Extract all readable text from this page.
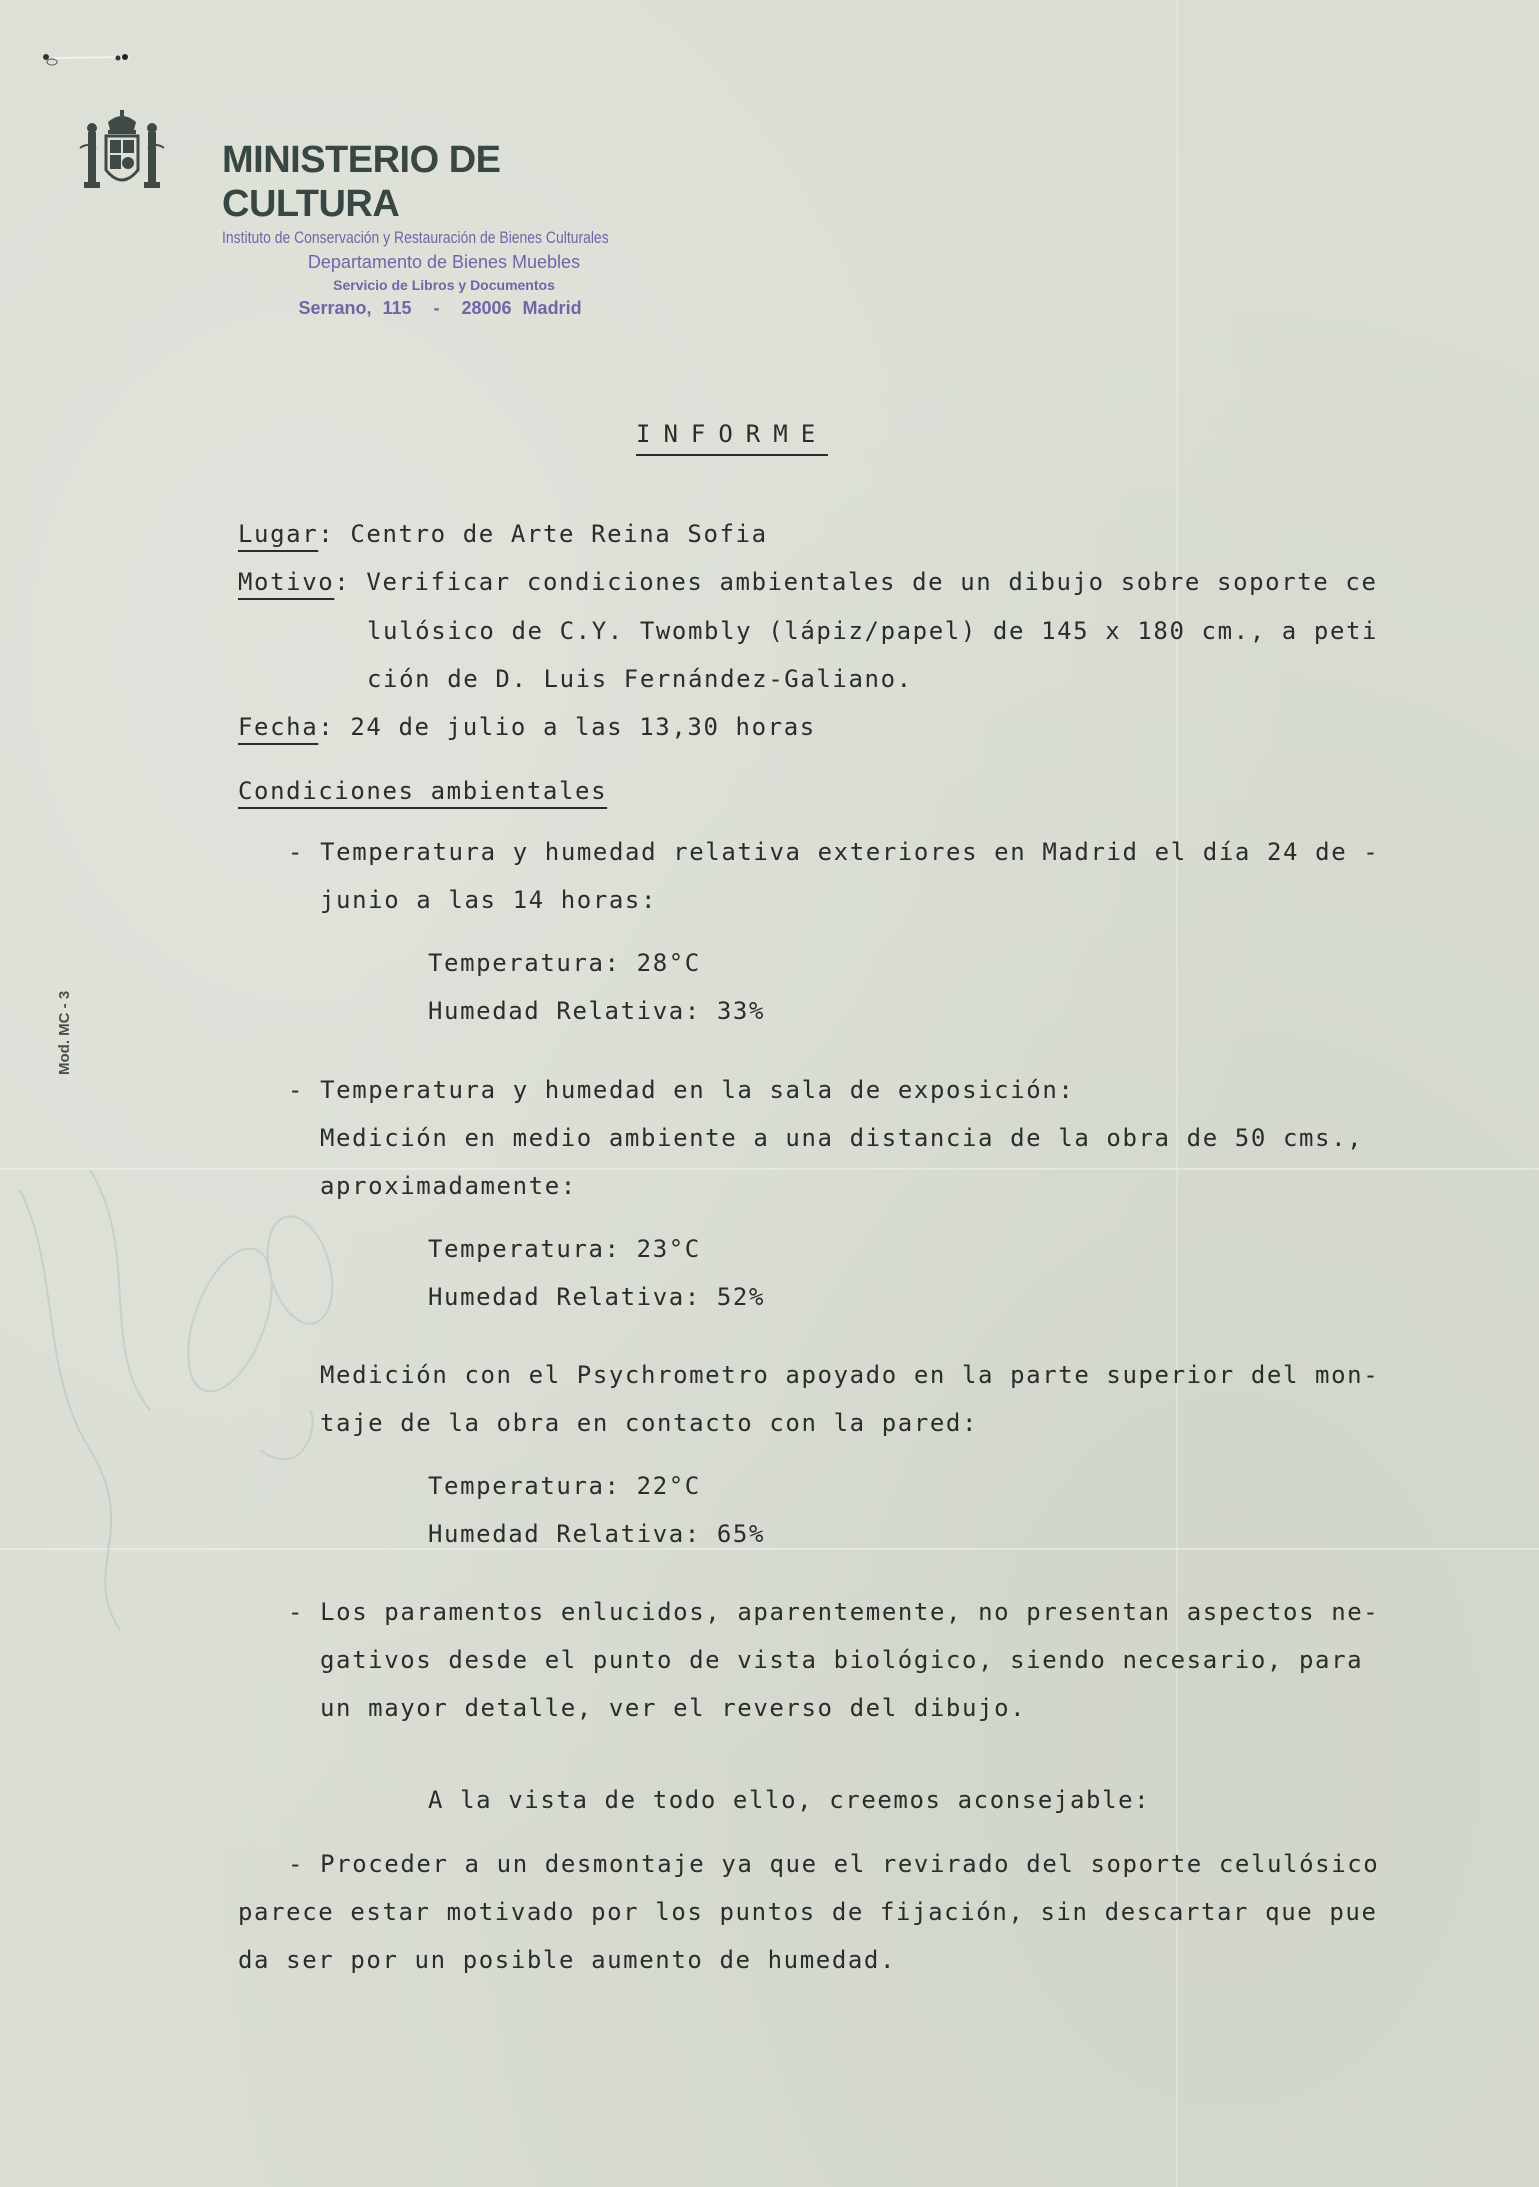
MINISTERIO DE CULTURA
Instituto de Conservación y Restauración de Bienes Culturales
Departamento de Bienes Muebles
Servicio de Libros y Documentos
Serrano, 115  -  28006 Madrid
Mod. MC - 3
INFORME
Lugar: Centro de Arte Reina Sofia
Motivo: Verificar condiciones ambientales de un dibujo sobre soporte ce
lulósico de C.Y. Twombly (lápiz/papel) de 145 x 180 cm., a peti
ción de D. Luis Fernández-Galiano.
Fecha: 24 de julio a las 13,30 horas
Condiciones ambientales
- Temperatura y humedad relativa exteriores en Madrid el día 24 de -
junio a las 14 horas:
Temperatura: 28°C
Humedad Relativa: 33%
- Temperatura y humedad en la sala de exposición:
Medición en medio ambiente a una distancia de la obra de 50 cms.,
aproximadamente:
Temperatura: 23°C
Humedad Relativa: 52%
Medición con el Psychrometro apoyado en la parte superior del mon-
taje de la obra en contacto con la pared:
Temperatura: 22°C
Humedad Relativa: 65%
- Los paramentos enlucidos, aparentemente, no presentan aspectos ne-
gativos desde el punto de vista biológico, siendo necesario, para
un mayor detalle, ver el reverso del dibujo.
A la vista de todo ello, creemos aconsejable:
- Proceder a un desmontaje ya que el revirado del soporte celulósico
parece estar motivado por los puntos de fijación, sin descartar que pue
da ser por un posible aumento de humedad.
